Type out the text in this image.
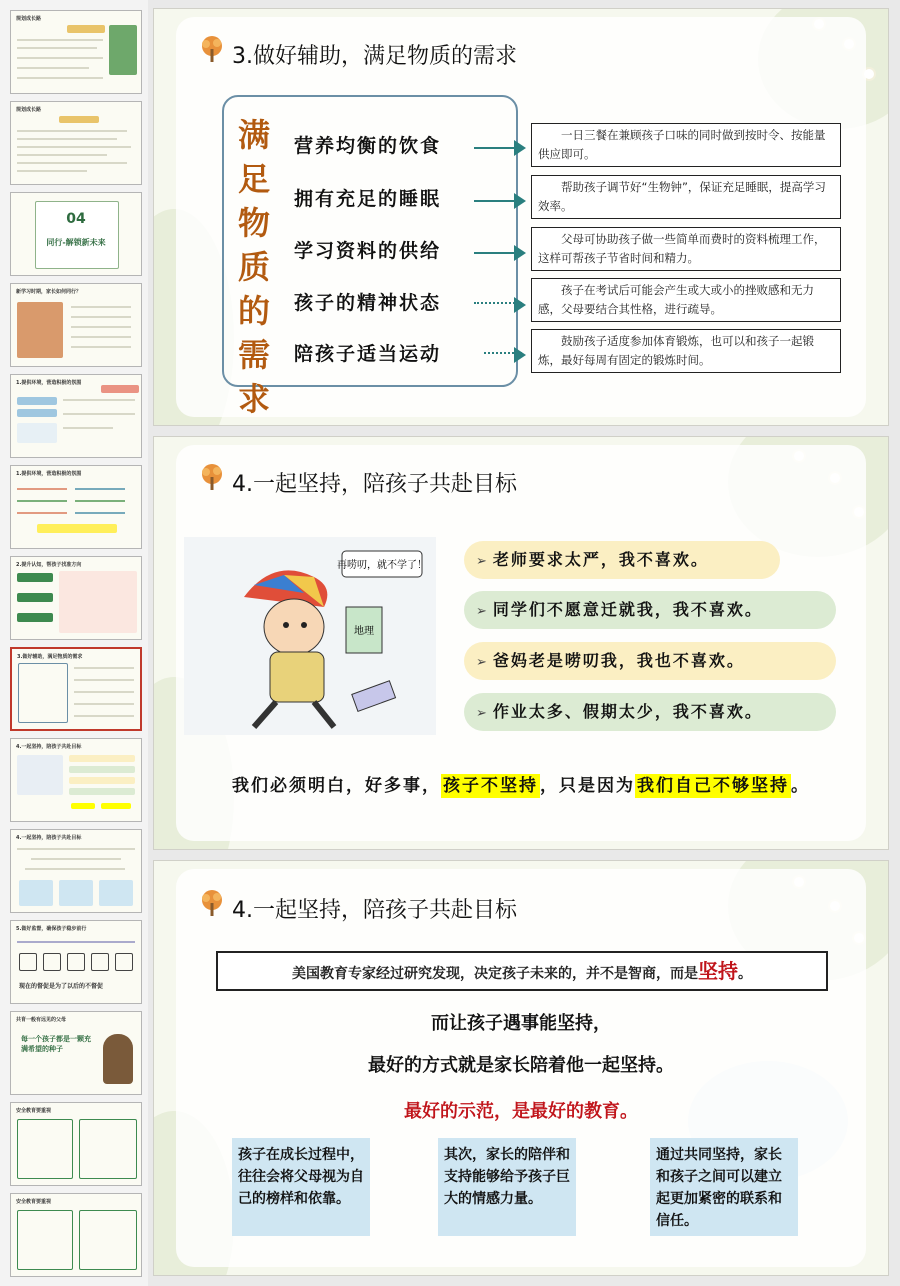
规划成长路
规划成长路
04
同行-解锁新未来
新学习时期，家长如何同行？
1.提供环境，营造积极的氛围
1.提供环境，营造积极的氛围
2.提升认知，帮孩子找准方向
3.做好辅助，满足物质的需求
4.一起坚持，陪孩子共赴目标
4.一起坚持，陪孩子共赴目标
5.做好监督，确保孩子稳步前行
现在的督促是为了以后的不督促
共育一般有远见的父母
每一个孩子都是一颗充满希望的种子
安全教育要重视
安全教育要重视
3.做好辅助，满足物质的需求
满足物质的需求
营养均衡的饮食
拥有充足的睡眠
学习资料的供给
孩子的精神状态
陪孩子适当运动
一日三餐在兼顾孩子口味的同时做到按时令、按能量供应即可。
帮助孩子调节好“生物钟”，保证充足睡眠，提高学习效率。
父母可协助孩子做一些简单而费时的资料梳理工作，这样可帮孩子节省时间和精力。
孩子在考试后可能会产生或大或小的挫败感和无力感，父母要结合其性格，进行疏导。
鼓励孩子适度参加体育锻炼，也可以和孩子一起锻炼，最好每周有固定的锻炼时间。
4.一起坚持，陪孩子共赴目标
再唠叨，就不学了！
地理
➢ 老师要求太严，我不喜欢。
➢ 同学们不愿意迁就我，我不喜欢。
➢ 爸妈老是唠叨我，我也不喜欢。
➢ 作业太多、假期太少，我不喜欢。
我们必须明白，好多事， 孩子不坚持 ，只是因为 我们自己不够坚持 。
4.一起坚持，陪孩子共赴目标
美国教育专家经过研究发现，决定孩子未来的，并不是智商，而是坚持。
而让孩子遇事能坚持，
最好的方式就是家长陪着他一起坚持。
最好的示范，是最好的教育。
孩子在成长过程中，往往会将父母视为自己的榜样和依靠。
其次，家长的陪伴和支持能够给予孩子巨大的情感力量。
通过共同坚持，家长和孩子之间可以建立起更加紧密的联系和信任。
